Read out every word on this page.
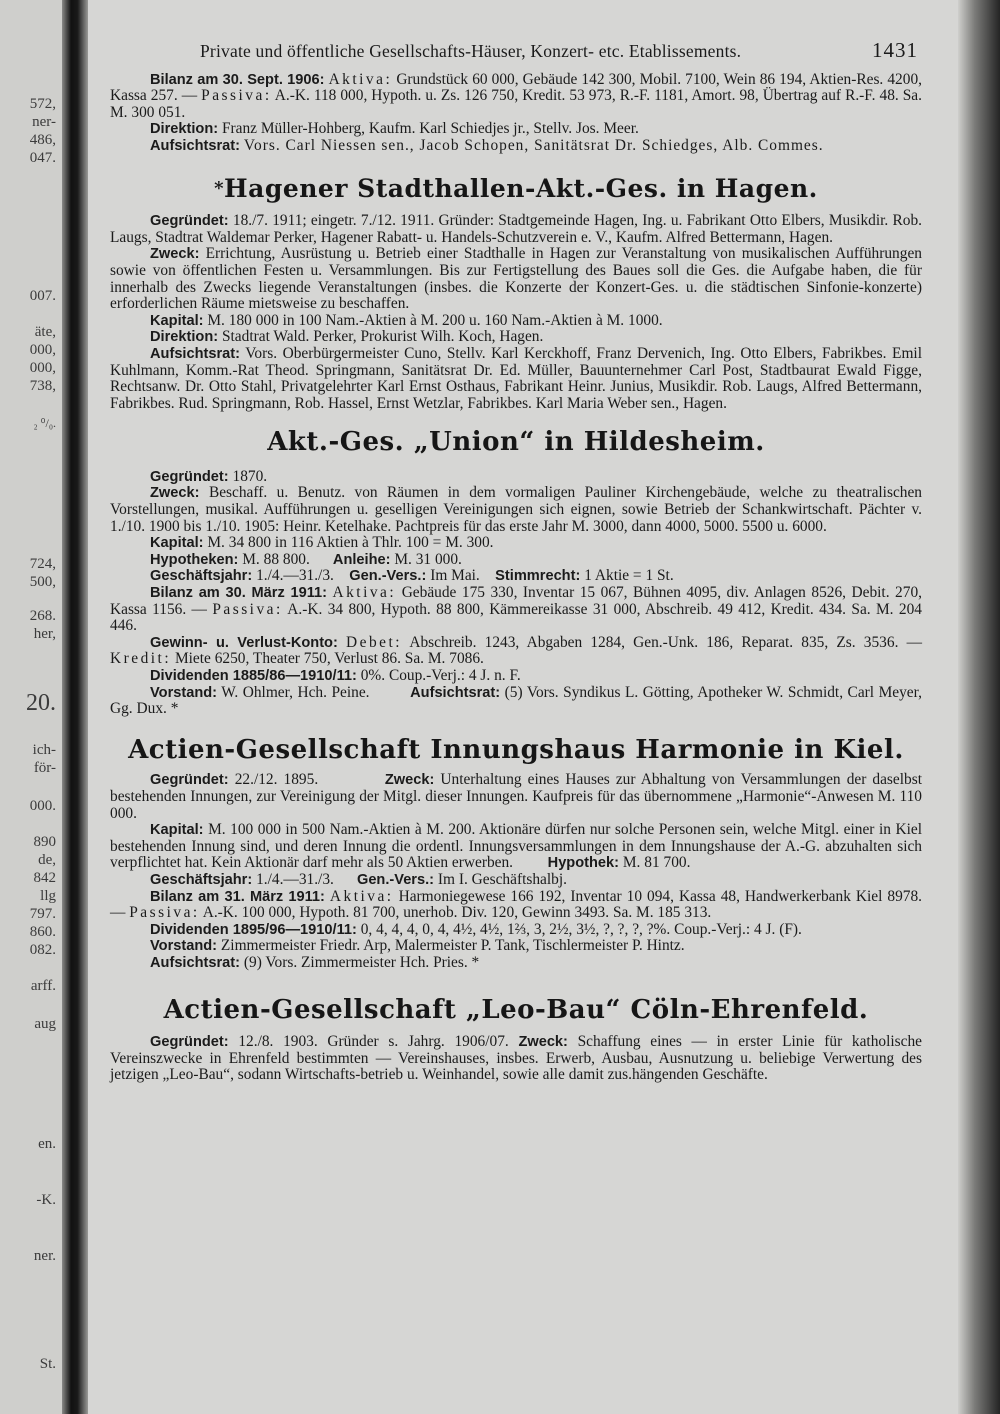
572,
ner-
486,
047.
007.
äte,
000,
000,
738,
₂ ⁰/₀.
724,
500,
268.
her,
20.
ich-
för-
000.
890
de,
842
llg
797.
860.
082.
arff.
aug
en.
-K.
ner.
St.
Private und öffentliche Gesellschafts-Häuser, Konzert- etc. Etablissements.	1431

Bilanz am 30. Sept. 1906: Aktiva: Grundstück 60 000, Gebäude 142 300, Mobil. 7100, Wein 86 194, Aktien-Res. 4200, Kassa 257. — Passiva: A.-K. 118 000, Hypoth. u. Zs. 126 750, Kredit. 53 973, R.-F. 1181, Amort. 98, Übertrag auf R.-F. 48. Sa. M. 300 051.

Direktion: Franz Müller-Hohberg, Kaufm. Karl Schiedjes jr., Stellv. Jos. Meer.

Aufsichtsrat: Vors. Carl Niessen sen., Jacob Schopen, Sanitätsrat Dr. Schiedges, Alb. Commes.

*Hagener Stadthallen-Akt.-Ges. in Hagen.

Gegründet: 18./7. 1911; eingetr. 7./12. 1911. Gründer: Stadtgemeinde Hagen, Ing. u. Fabrikant Otto Elbers, Musikdir. Rob. Laugs, Stadtrat Waldemar Perker, Hagener Rabatt- u. Handels-Schutzverein e. V., Kaufm. Alfred Bettermann, Hagen.

Zweck: Errichtung, Ausrüstung u. Betrieb einer Stadthalle in Hagen zur Veranstaltung von musikalischen Aufführungen sowie von öffentlichen Festen u. Versammlungen. Bis zur Fertigstellung des Baues soll die Ges. die Aufgabe haben, die für innerhalb des Zwecks liegende Veranstaltungen (insbes. die Konzerte der Konzert-Ges. u. die städtischen Sinfonie-konzerte) erforderlichen Räume mietsweise zu beschaffen.

Kapital: M. 180 000 in 100 Nam.-Aktien à M. 200 u. 160 Nam.-Aktien à M. 1000.

Direktion: Stadtrat Wald. Perker, Prokurist Wilh. Koch, Hagen.

Aufsichtsrat: Vors. Oberbürgermeister Cuno, Stellv. Karl Kerckhoff, Franz Dervenich, Ing. Otto Elbers, Fabrikbes. Emil Kuhlmann, Komm.-Rat Theod. Springmann, Sanitätsrat Dr. Ed. Müller, Bauunternehmer Carl Post, Stadtbaurat Ewald Figge, Rechtsanw. Dr. Otto Stahl, Privatgelehrter Karl Ernst Osthaus, Fabrikant Heinr. Junius, Musikdir. Rob. Laugs, Alfred Bettermann, Fabrikbes. Rud. Springmann, Rob. Hassel, Ernst Wetzlar, Fabrikbes. Karl Maria Weber sen., Hagen.

Akt.-Ges. „Union“ in Hildesheim.

Gegründet: 1870.

Zweck: Beschaff. u. Benutz. von Räumen in dem vormaligen Pauliner Kirchengebäude, welche zu theatralischen Vorstellungen, musikal. Aufführungen u. geselligen Vereinigungen sich eignen, sowie Betrieb der Schankwirtschaft. Pächter v. 1./10. 1900 bis 1./10. 1905: Heinr. Ketelhake. Pachtpreis für das erste Jahr M. 3000, dann 4000, 5000. 5500 u. 6000.

Kapital: M. 34 800 in 116 Aktien à Thlr. 100 = M. 300.

Hypotheken: M. 88 800. Anleihe: M. 31 000.

Geschäftsjahr: 1./4.—31./3. Gen.-Vers.: Im Mai. Stimmrecht: 1 Aktie = 1 St.

Bilanz am 30. März 1911: Aktiva: Gebäude 175 330, Inventar 15 067, Bühnen 4095, div. Anlagen 8526, Debit. 270, Kassa 1156. — Passiva: A.-K. 34 800, Hypoth. 88 800, Kämmereikasse 31 000, Abschreib. 49 412, Kredit. 434. Sa. M. 204 446.

Gewinn- u. Verlust-Konto: Debet: Abschreib. 1243, Abgaben 1284, Gen.-Unk. 186, Reparat. 835, Zs. 3536. — Kredit: Miete 6250, Theater 750, Verlust 86. Sa. M. 7086.

Dividenden 1885/86—1910/11: 0%. Coup.-Verj.: 4 J. n. F.

Vorstand: W. Ohlmer, Hch. Peine.	Aufsichtsrat: (5) Vors. Syndikus L. Götting, Apotheker W. Schmidt, Carl Meyer, Gg. Dux. *

Actien-Gesellschaft Innungshaus Harmonie in Kiel.

Gegründet: 22./12. 1895.	Zweck: Unterhaltung eines Hauses zur Abhaltung von Versammlungen der daselbst bestehenden Innungen, zur Vereinigung der Mitgl. dieser Innungen. Kaufpreis für das übernommene „Harmonie“-Anwesen M. 110 000.

Kapital: M. 100 000 in 500 Nam.-Aktien à M. 200. Aktionäre dürfen nur solche Personen sein, welche Mitgl. einer in Kiel bestehenden Innung sind, und deren Innung die ordentl. Innungsversammlungen in dem Innungshause der A.-G. abzuhalten sich verpflichtet hat. Kein Aktionär darf mehr als 50 Aktien erwerben. Hypothek: M. 81 700.

Geschäftsjahr: 1./4.—31./3. Gen.-Vers.: Im I. Geschäftshalbj.

Bilanz am 31. März 1911: Aktiva: Harmoniegewese 166 192, Inventar 10 094, Kassa 48, Handwerkerbank Kiel 8978. — Passiva: A.-K. 100 000, Hypoth. 81 700, unerhob. Div. 120, Gewinn 3493. Sa. M. 185 313.

Dividenden 1895/96—1910/11: 0, 4, 4, 4, 0, 4, 4½, 4½, 1⅔, 3, 2½, 3½, ?, ?, ?, ?%. Coup.-Verj.: 4 J. (F).

Vorstand: Zimmermeister Friedr. Arp, Malermeister P. Tank, Tischlermeister P. Hintz.

Aufsichtsrat: (9) Vors. Zimmermeister Hch. Pries. *

Actien-Gesellschaft „Leo-Bau“ Cöln-Ehrenfeld.

Gegründet: 12./8. 1903. Gründer s. Jahrg. 1906/07. Zweck: Schaffung eines — in erster Linie für katholische Vereinszwecke in Ehrenfeld bestimmten — Vereinshauses, insbes. Erwerb, Ausbau, Ausnutzung u. beliebige Verwertung des jetzigen „Leo-Bau“, sodann Wirtschafts-betrieb u. Weinhandel, sowie alle damit zus.hängenden Geschäfte.
